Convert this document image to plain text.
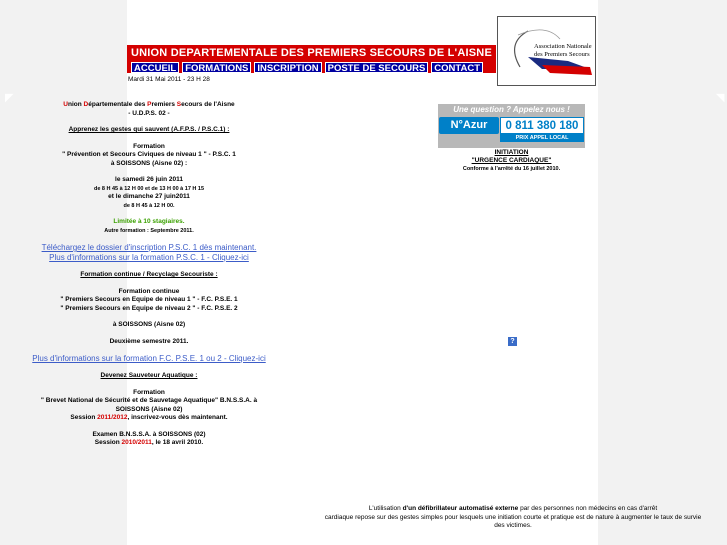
◤	◥	◤	◥
UNION DEPARTEMENTALE DES PREMIERS SECOURS DE L'AISNE
ACCUEIL FORMATIONS INSCRIPTION POSTE DE SECOURS CONTACT
Mardi 31 Mai 2011 - 23 H 28
Association Nationale
des Premiers Secours
Union Départementale des Premiers Secours de l'Aisne
- U.D.P.S. 02 -
Apprenez les gestes qui sauvent (A.F.P.S. / P.S.C.1) :
Formation
" Prévention et Secours Civiques de niveau 1 " - P.S.C. 1
à SOISSONS (Aisne 02) :
le samedi 26 juin 2011
de 8 H 45 à 12 H 00 et de 13 H 00 à 17 H 15
et le dimanche 27 juin2011
de 8 H 45 à 12 H 00.
Limitée à 10 stagiaires.
Autre formation : Septembre 2011.
Téléchargez le dossier d'inscription P.S.C. 1 dès maintenant.
Plus d'informations sur la formation P.S.C. 1 - Cliquez-ici
Formation continue / Recyclage Secouriste :
Formation continue
" Premiers Secours en Equipe de niveau 1 " - F.C. P.S.E. 1
" Premiers Secours en Equipe de niveau 2 " - F.C. P.S.E. 2
à SOISSONS (Aisne 02)
Deuxième semestre 2011.
Plus d'informations sur la formation F.C. P.S.E. 1 ou 2 - Cliquez-ici
Devenez Sauveteur Aquatique :
Formation
" Brevet National de Sécurité et de Sauvetage Aquatique" B.N.S.S.A. à
SOISSONS (Aisne 02)
Session 2011/2012, inscrivez-vous dès maintenant.
Examen B.N.S.S.A. à SOISSONS (02)
Session 2010/2011, le 18 avril 2010.
Une question ? Appelez nous !
N°Azur	0 811 380 180
PRIX APPEL LOCAL
INITIATION
"URGENCE CARDIAQUE"
Conforme à l'arrêté du 16 juillet 2010.
?
L'utilisation d'un défibrillateur automatisé externe par des personnes non médecins en cas d'arrêt
cardiaque repose sur des gestes simples pour lesquels une initiation courte et pratique est de nature à augmenter le taux de survie
des victimes.
